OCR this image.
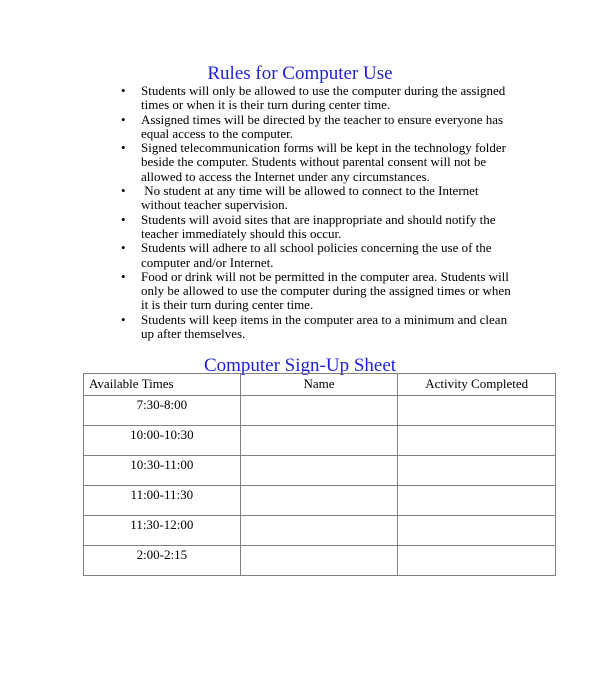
Rules for Computer Use
• Students will only be allowed to use the computer during the assigned times or when it is their turn during center time.
• Assigned times will be directed by the teacher to ensure everyone has equal access to the computer.
• Signed telecommunication forms will be kept in the technology folder beside the computer. Students without parental consent will not be allowed to access the Internet under any circumstances.
• No student at any time will be allowed to connect to the Internet without teacher supervision.
• Students will avoid sites that are inappropriate and should notify the teacher immediately should this occur.
• Students will adhere to all school policies concerning the use of the computer and/or Internet.
• Food or drink will not be permitted in the computer area. Students will only be allowed to use the computer during the assigned times or when it is their turn during center time.
• Students will keep items in the computer area to a minimum and clean up after themselves.
Computer Sign-Up Sheet
Available Times	Name	Activity Completed
7:30-8:00		
10:00-10:30		
10:30-11:00		
11:00-11:30		
11:30-12:00		
2:00-2:15		
